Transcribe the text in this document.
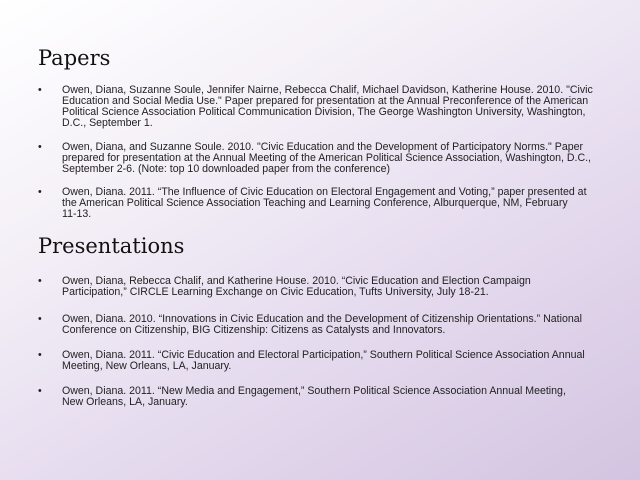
Papers
• Owen, Diana, Suzanne Soule, Jennifer Nairne, Rebecca Chalif, Michael Davidson, Katherine House. 2010. "Civic
Education and Social Media Use." Paper prepared for presentation at the Annual Preconference of the American
Political Science Association Political Communication Division, The George Washington University, Washington,
D.C., September 1.
• Owen, Diana, and Suzanne Soule. 2010. "Civic Education and the Development of Participatory Norms." Paper
prepared for presentation at the Annual Meeting of the American Political Science Association, Washington, D.C.,
September 2-6. (Note: top 10 downloaded paper from the conference)
• Owen, Diana. 2011. “The Influence of Civic Education on Electoral Engagement and Voting,” paper presented at
the American Political Science Association Teaching and Learning Conference, Alburquerque, NM, February
11-13.
Presentations
• Owen, Diana, Rebecca Chalif, and Katherine House. 2010. “Civic Education and Election Campaign
Participation,” CIRCLE Learning Exchange on Civic Education, Tufts University, July 18-21.
• Owen, Diana. 2010. “Innovations in Civic Education and the Development of Citizenship Orientations.” National
Conference on Citizenship, BIG Citizenship: Citizens as Catalysts and Innovators.
• Owen, Diana. 2011. “Civic Education and Electoral Participation,” Southern Political Science Association Annual
Meeting, New Orleans, LA, January.
• Owen, Diana. 2011. “New Media and Engagement,” Southern Political Science Association Annual Meeting,
New Orleans, LA, January.
